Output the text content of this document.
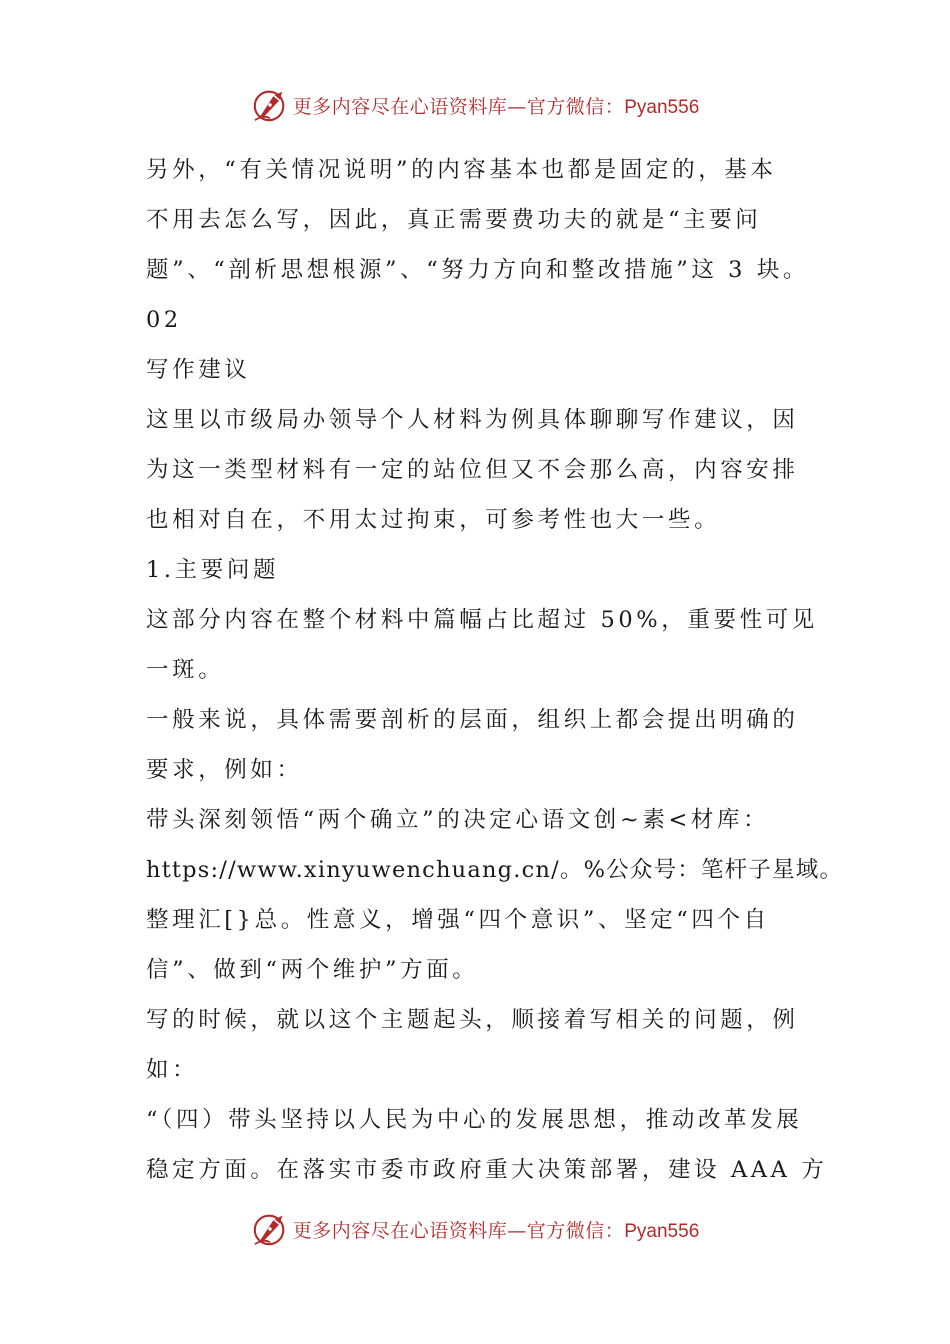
更多内容尽在心语资料库—官方微信：Pyan556
另外，“有关情况说明”的内容基本也都是固定的，基本
不用去怎么写，因此，真正需要费功夫的就是“主要问
题”、“剖析思想根源”、“努力方向和整改措施”这 3 块。
02
写作建议
这里以市级局办领导个人材料为例具体聊聊写作建议，因
为这一类型材料有一定的站位但又不会那么高，内容安排
也相对自在，不用太过拘束，可参考性也大一些。
1.主要问题
这部分内容在整个材料中篇幅占比超过 50%，重要性可见
一斑。
一般来说，具体需要剖析的层面，组织上都会提出明确的
要求，例如：
带头深刻领悟“两个确立”的决定心语文创~素<材库：
https://www.xinyuwenchuang.cn/。%公众号：笔杆子星域。
整理汇[}总。性意义，增强“四个意识”、坚定“四个自
信”、做到“两个维护”方面。
写的时候，就以这个主题起头，顺接着写相关的问题，例
如：
“（四）带头坚持以人民为中心的发展思想，推动改革发展
稳定方面。在落实市委市政府重大决策部署，建设 AAA 方
更多内容尽在心语资料库—官方微信：Pyan556
